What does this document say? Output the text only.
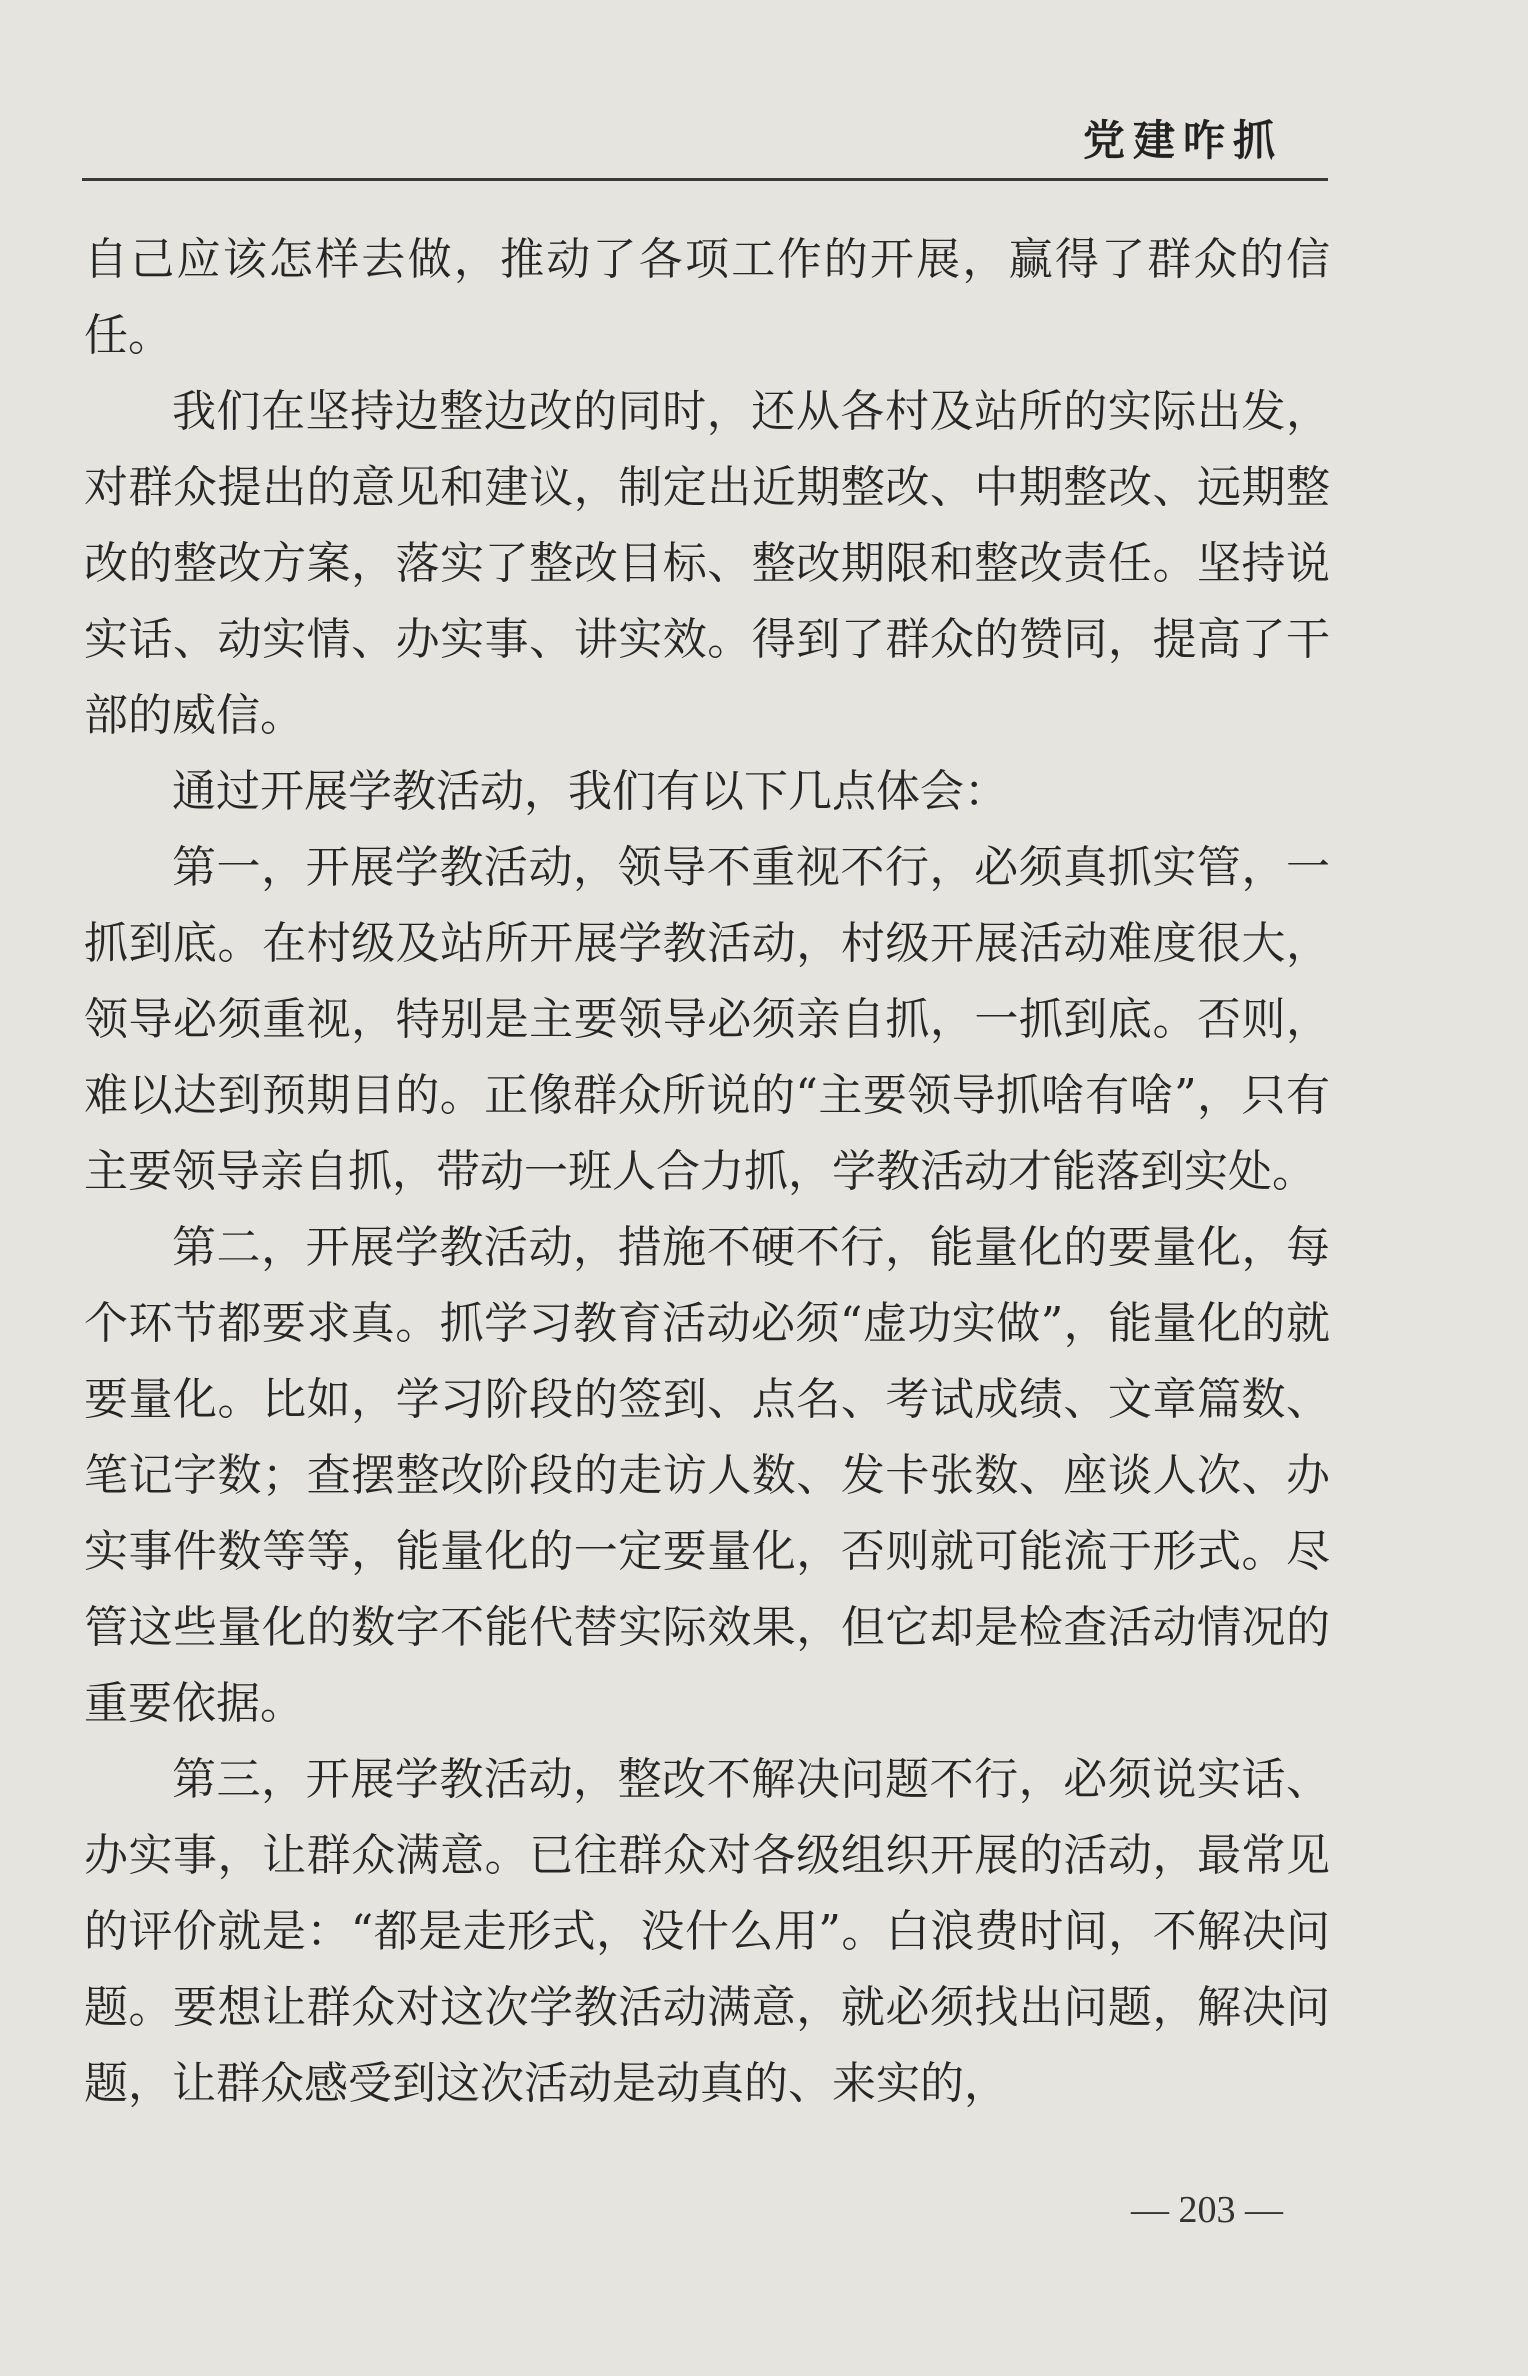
党建咋抓

自己应该怎样去做，推动了各项工作的开展，赢得了群众的信任。

我们在坚持边整边改的同时，还从各村及站所的实际出发，对群众提出的意见和建议，制定出近期整改、中期整改、远期整改的整改方案，落实了整改目标、整改期限和整改责任。坚持说实话、动实情、办实事、讲实效。得到了群众的赞同，提高了干部的威信。

通过开展学教活动，我们有以下几点体会：

第一，开展学教活动，领导不重视不行，必须真抓实管，一抓到底。在村级及站所开展学教活动，村级开展活动难度很大，领导必须重视，特别是主要领导必须亲自抓，一抓到底。否则，难以达到预期目的。正像群众所说的“主要领导抓啥有啥”，只有主要领导亲自抓，带动一班人合力抓，学教活动才能落到实处。

第二，开展学教活动，措施不硬不行，能量化的要量化，每个环节都要求真。抓学习教育活动必须“虚功实做”，能量化的就要量化。比如，学习阶段的签到、点名、考试成绩、文章篇数、笔记字数；查摆整改阶段的走访人数、发卡张数、座谈人次、办实事件数等等，能量化的一定要量化，否则就可能流于形式。尽管这些量化的数字不能代替实际效果，但它却是检查活动情况的重要依据。

第三，开展学教活动，整改不解决问题不行，必须说实话、办实事，让群众满意。已往群众对各级组织开展的活动，最常见的评价就是：“都是走形式，没什么用”。白浪费时间，不解决问题。要想让群众对这次学教活动满意，就必须找出问题，解决问题，让群众感受到这次活动是动真的、来实的，

— 203 —
